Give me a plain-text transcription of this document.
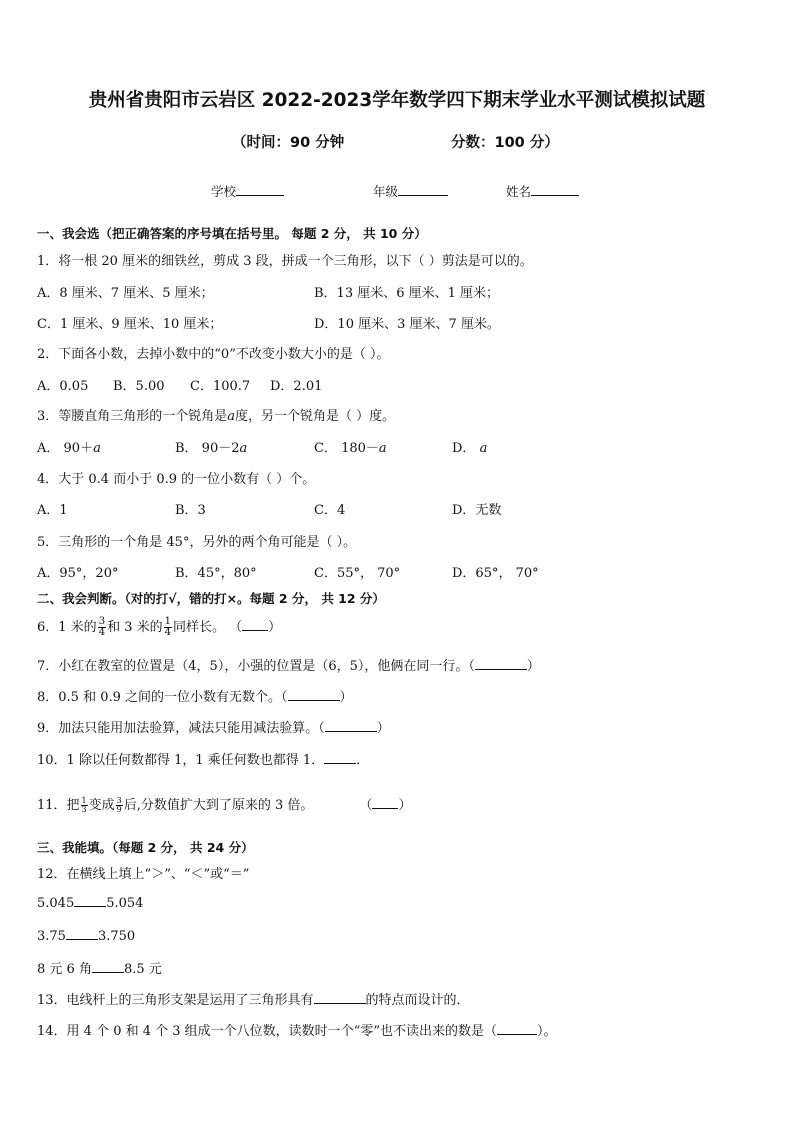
贵州省贵阳市云岩区 2022-2023学年数学四下期末学业水平测试模拟试题
（时间：90 分钟	分数：100 分）
学校	年级	姓名
一、我会选（把正确答案的序号填在括号里。 每题 2 分， 共 10 分）
1．将一根 20 厘米的细铁丝，剪成 3 段，拼成一个三角形，以下（ ）剪法是可以的。
A．8 厘米、7 厘米、5 厘米；	B．13 厘米、6 厘米、1 厘米；
C．1 厘米、9 厘米、10 厘米；	D．10 厘米、3 厘米、7 厘米。
2．下面各小数，去掉小数中的“0”不改变小数大小的是（ ）。
A．0.05 B．5.00 C．100.7 D．2.01
3．等腰直角三角形的一个锐角是a度，另一个锐角是（ ）度。
A． 90＋a	B． 90－2a	C． 180－a	D． a
4．大于 0.4 而小于 0.9 的一位小数有（ ）个。
A．1	B．3	C．4	D．无数
5．三角形的一个角是 45°，另外的两个角可能是（ ）。
A．95°，20°	B．45°，80°	C．55°， 70°	D．65°， 70°
二、我会判断。（对的打√，错的打×。每题 2 分， 共 12 分）
6．1 米的 $\frac{3}{4}$ 和 3 米的 $\frac{1}{4}$ 同样长。 （ ）
7．小红在教室的位置是（4，5），小强的位置是（6，5），他俩在同一行。（	）
8．0.5 和 0.9 之间的一位小数有无数个。（	）
9．加法只能用加法验算，减法只能用减法验算。（	）
10．1 除以任何数都得 1，1 乘任何数也都得 1． ．
11．把 $\frac{1}{3}$ 变成 $\frac{3}{9}$ 后,分数值扩大到了原来的 3 倍。	（ ）
三、我能填。（每题 2 分， 共 24 分）
12．在横线上填上“＞”、“＜”或“＝”
5.045 5.054
3.75 3.750
8 元 6 角 8.5 元
13．电线杆上的三角形支架是运用了三角形具有	的特点而设计的．
14．用 4 个 0 和 4 个 3 组成一个八位数，读数时一个“零”也不读出来的数是（	）。
